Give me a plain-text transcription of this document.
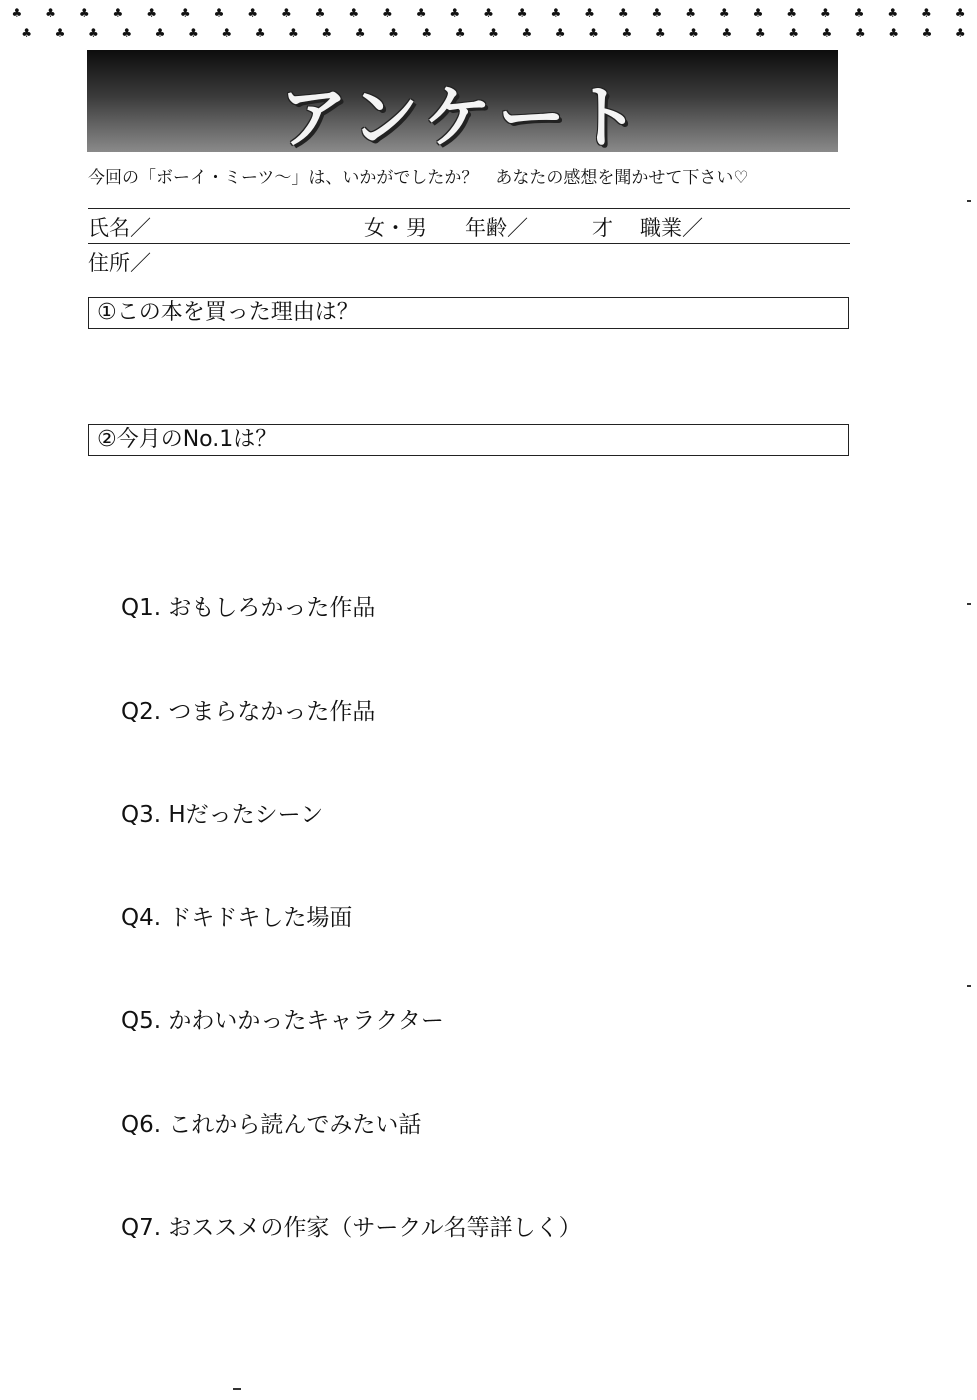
♣︎	♣︎	♣︎	♣︎	♣︎	♣︎	♣︎	♣︎	♣︎	♣︎	♣︎	♣︎	♣︎	♣︎	♣︎	♣︎	♣︎	♣︎	♣︎	♣︎	♣︎	♣︎	♣︎	♣︎	♣︎	♣︎	♣︎	♣︎	♣︎
♣︎	♣︎	♣︎	♣︎	♣︎	♣︎	♣︎	♣︎	♣︎	♣︎	♣︎	♣︎	♣︎	♣︎	♣︎	♣︎	♣︎	♣︎	♣︎	♣︎	♣︎	♣︎	♣︎	♣︎	♣︎	♣︎	♣︎	♣︎	♣︎
アンケート
今回の「ボーイ・ミーツ〜」は、いかがでしたか？　あなたの感想を聞かせて下さい♡
氏名／	女・男 年齢／	才 職業／
住所／
①この本を買った理由は？
②今月のNo.1は？
Q1. おもしろかった作品
Q2. つまらなかった作品
Q3. Hだったシーン
Q4. ドキドキした場面
Q5. かわいかったキャラクター
Q6. これから読んでみたい話
Q7. おススメの作家（サークル名等詳しく）
